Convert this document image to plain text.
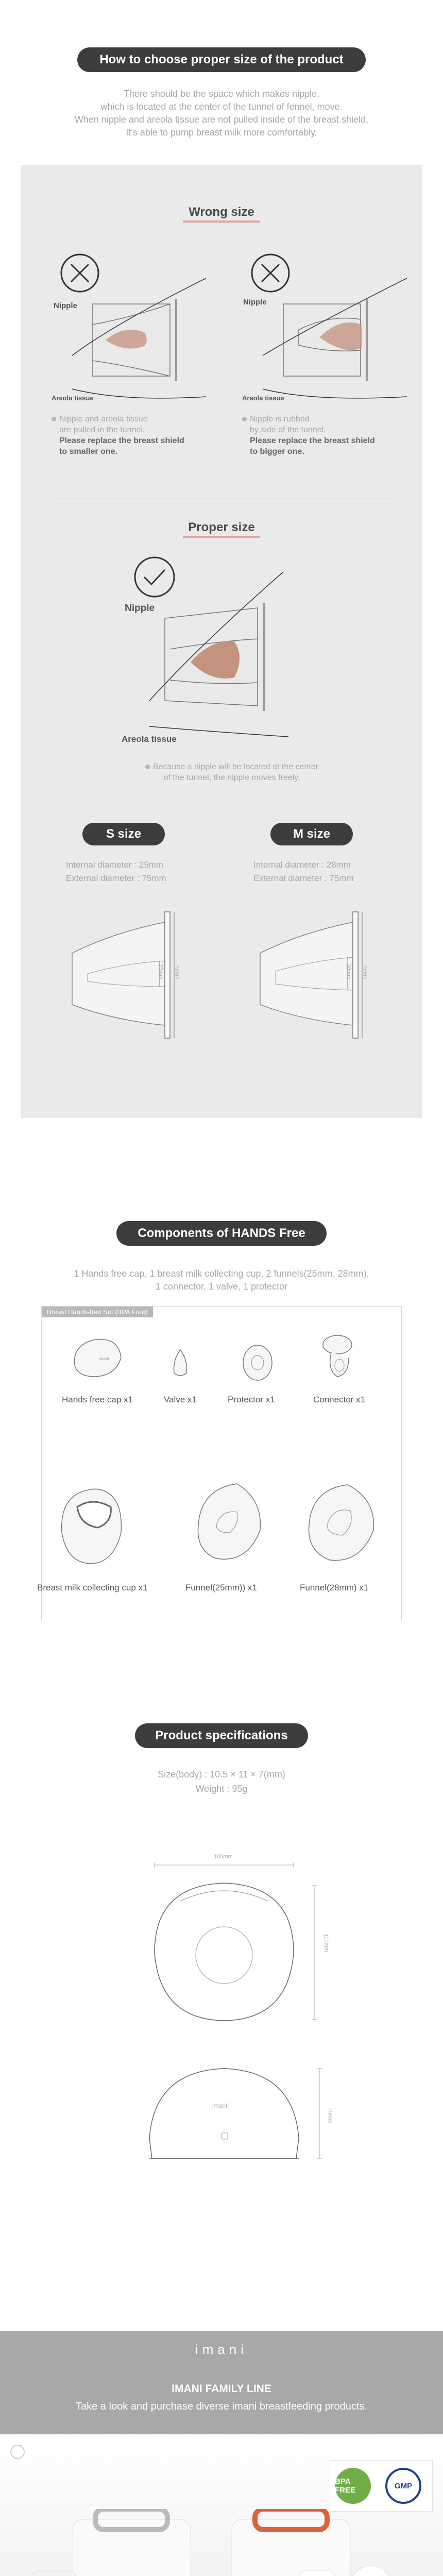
How to choose proper size of the product
There should be the space which makes nipple,
which is located at the center of the tunnel of fennel, move.
When nipple and areola tissue are not pulled inside of the breast shield,
It's able to pump breast milk more comfortably.
Wrong size
Nipple
Areola tissue
Nipple
Areola tissue
Nipple and areola tissue
are pulled in the tunnel.
Please replace the breast shield
to smaller one.
Nipple is rubbed
by side of the tunnel.
Please replace the breast shield
to bigger one.
Proper size
Nipple
Areola tissue
Because a nipple will be located at the center
of the tunnel, the nipple moves freely.
S size	M size
Internal diameter : 25mm
External diameter : 75mm
Internal diameter : 28mm
External diameter : 75mm
25mm 75mm	28mm 75mm
Components of HANDS Free
1 Hands free cap, 1 breast milk collecting cup, 2 funnels(25mm, 28mm),
1 connector, 1 valve, 1 protector
Breast Hands-free Set (BPA Free)
imani
Hands free cap x1	Valve x1	Protector x1	Connector x1
Breast milk collecting cup x1	Funnel(25mm)) x1	Funnel(28mm) x1
Product specifications
Size(body) : 10.5 × 11 × 7(mm)
Weight : 95g
105mm
110mm
imani
70mm
imani
IMANI FAMILY LINE
Take a look and purchase diverse imani breastfeeding products.
BPA FREE	GMP
